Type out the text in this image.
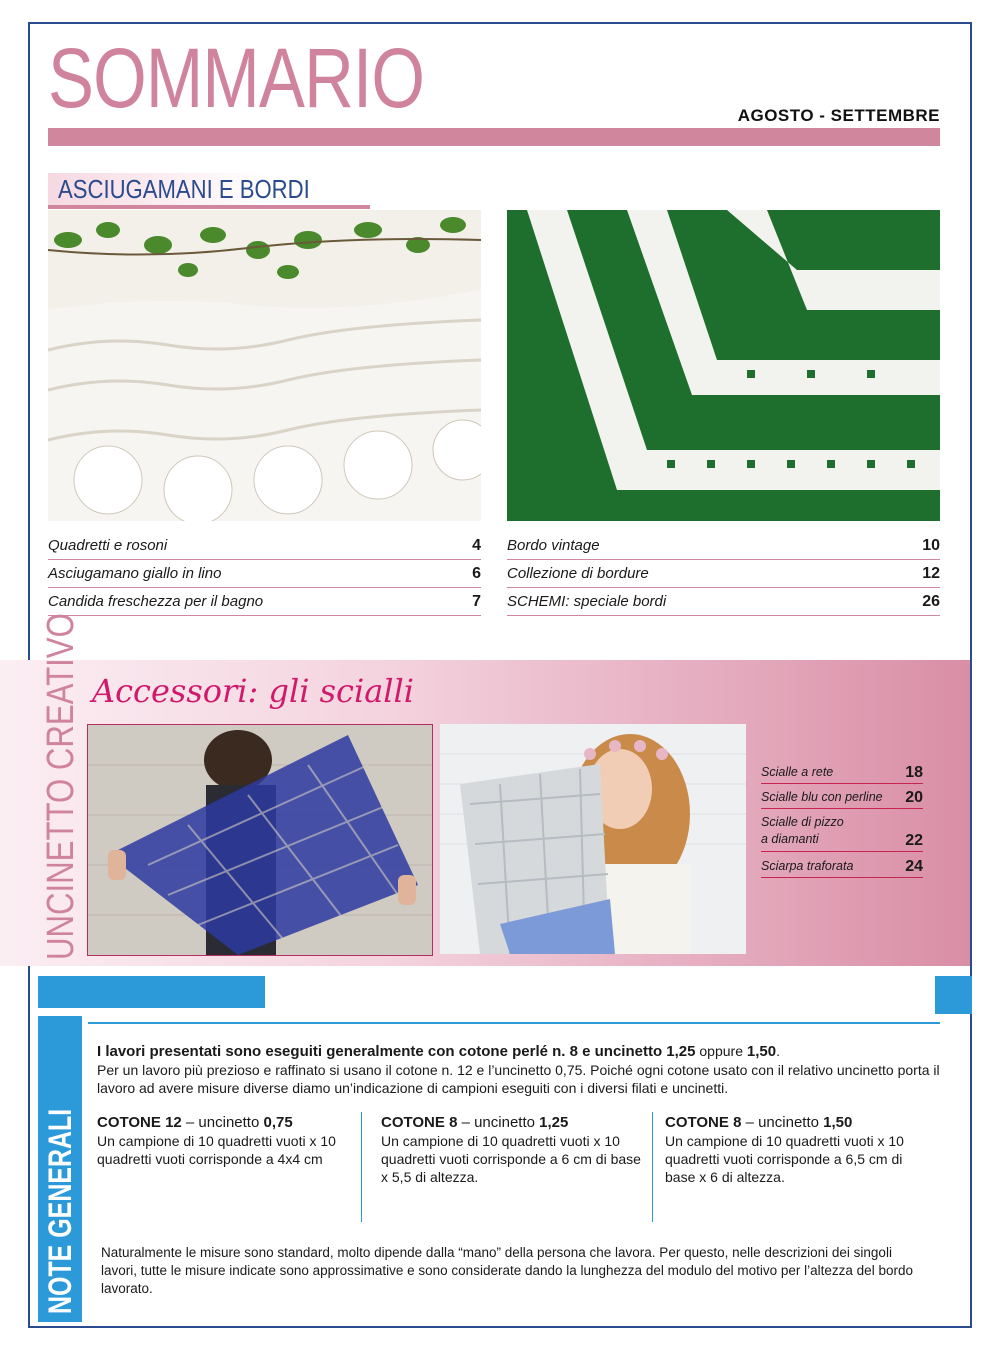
SOMMARIO	AGOSTO - SETTEMBRE
ASCIUGAMANI E BORDI
Quadretti e rosoni	4
Asciugamano giallo in lino	6
Candida freschezza per il bagno	7
Bordo vintage	10
Collezione di bordure	12
SCHEMI: speciale bordi	26
UNCINETTO CREATIVO Accessori: gli scialli
Scialle a rete	18
Scialle blu con perline 20
Scialle di pizzo
a diamanti	22
Sciarpa traforata	24
NOTE GENERALI
I lavori presentati sono eseguiti generalmente con cotone perlé n. 8 e uncinetto 1,25 oppure 1,50.
Per un lavoro più prezioso e raffinato si usano il cotone n. 12 e l’uncinetto 0,75. Poiché ogni cotone usato con il relativo uncinetto porta il lavoro ad avere misure diverse diamo un’indicazione di campioni eseguiti con i diversi filati e uncinetti.
COTONE 12 – uncinetto 0,75
Un campione di 10 quadretti vuoti x 10 quadretti vuoti corrisponde a 4x4 cm
COTONE 8 – uncinetto 1,25
Un campione di 10 quadretti vuoti x 10 quadretti vuoti corrisponde a 6 cm di base x 5,5 di altezza.
COTONE 8 – uncinetto 1,50
Un campione di 10 quadretti vuoti x 10 quadretti vuoti corrisponde a 6,5 cm di base x 6 di altezza.
Naturalmente le misure sono standard, molto dipende dalla “mano” della persona che lavora. Per questo, nelle descrizioni dei singoli lavori, tutte le misure indicate sono approssimative e sono considerate dando la lunghezza del modulo del motivo per l’altezza del bordo lavorato.
